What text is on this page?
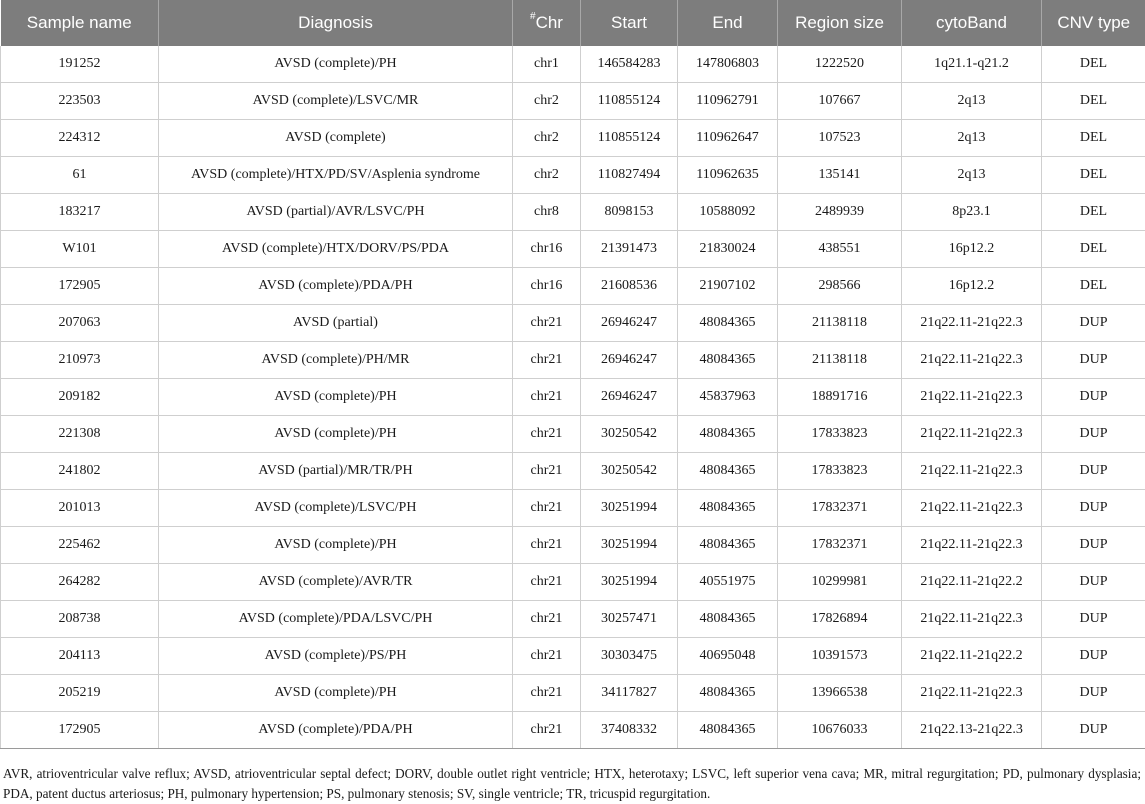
Sample name	Diagnosis	#Chr	Start	End	Region size	cytoBand	CNV type
191252	AVSD (complete)/PH	chr1	146584283	147806803	1222520	1q21.1-q21.2	DEL
223503	AVSD (complete)/LSVC/MR	chr2	110855124	110962791	107667	2q13	DEL
224312	AVSD (complete)	chr2	110855124	110962647	107523	2q13	DEL
61	AVSD (complete)/HTX/PD/SV/Asplenia syndrome	chr2	110827494	110962635	135141	2q13	DEL
183217	AVSD (partial)/AVR/LSVC/PH	chr8	8098153	10588092	2489939	8p23.1	DEL
W101	AVSD (complete)/HTX/DORV/PS/PDA	chr16	21391473	21830024	438551	16p12.2	DEL
172905	AVSD (complete)/PDA/PH	chr16	21608536	21907102	298566	16p12.2	DEL
207063	AVSD (partial)	chr21	26946247	48084365	21138118	21q22.11-21q22.3	DUP
210973	AVSD (complete)/PH/MR	chr21	26946247	48084365	21138118	21q22.11-21q22.3	DUP
209182	AVSD (complete)/PH	chr21	26946247	45837963	18891716	21q22.11-21q22.3	DUP
221308	AVSD (complete)/PH	chr21	30250542	48084365	17833823	21q22.11-21q22.3	DUP
241802	AVSD (partial)/MR/TR/PH	chr21	30250542	48084365	17833823	21q22.11-21q22.3	DUP
201013	AVSD (complete)/LSVC/PH	chr21	30251994	48084365	17832371	21q22.11-21q22.3	DUP
225462	AVSD (complete)/PH	chr21	30251994	48084365	17832371	21q22.11-21q22.3	DUP
264282	AVSD (complete)/AVR/TR	chr21	30251994	40551975	10299981	21q22.11-21q22.2	DUP
208738	AVSD (complete)/PDA/LSVC/PH	chr21	30257471	48084365	17826894	21q22.11-21q22.3	DUP
204113	AVSD (complete)/PS/PH	chr21	30303475	40695048	10391573	21q22.11-21q22.2	DUP
205219	AVSD (complete)/PH	chr21	34117827	48084365	13966538	21q22.11-21q22.3	DUP
172905	AVSD (complete)/PDA/PH	chr21	37408332	48084365	10676033	21q22.13-21q22.3	DUP

AVR, atrioventricular valve reflux; AVSD, atrioventricular septal defect; DORV, double outlet right ventricle; HTX, heterotaxy; LSVC, left superior vena cava; MR, mitral regurgitation; PD, pulmonary dysplasia; PDA, patent ductus arteriosus; PH, pulmonary hypertension; PS, pulmonary stenosis; SV, single ventricle; TR, tricuspid regurgitation.
